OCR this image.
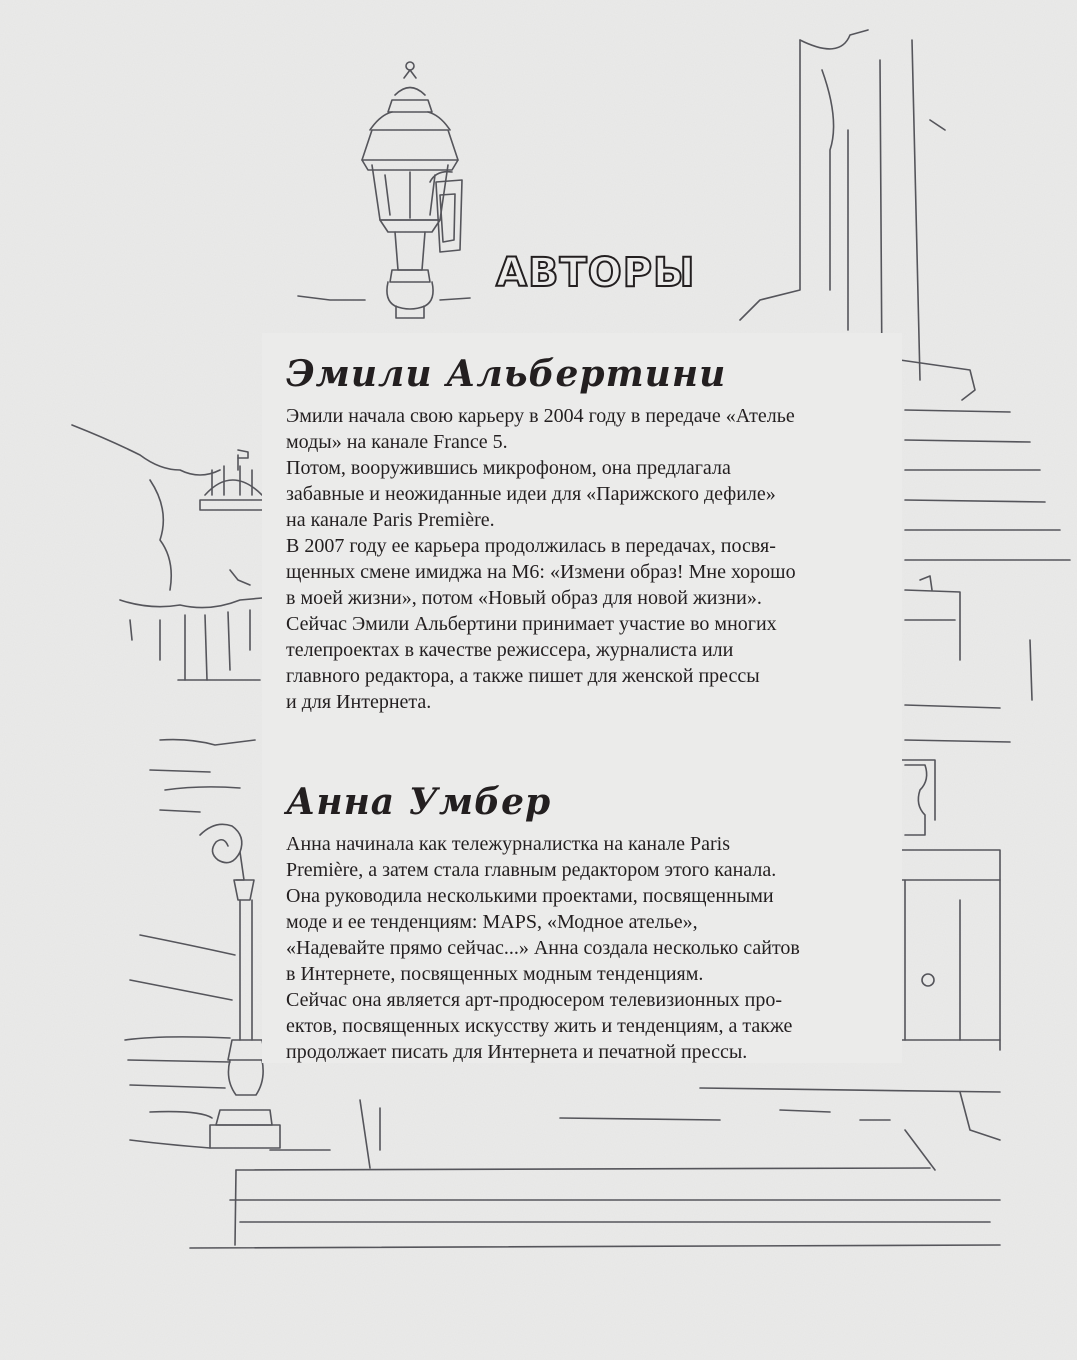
АВТОРЫ
Эмили Альбертини
Эмили начала свою карьеру в 2004 году в передаче «Ателье
моды» на канале France 5.
Потом, вооружившись микрофоном, она предлагала
забавные и неожиданные идеи для «Парижского дефиле»
на канале Paris Première.
В 2007 году ее карьера продолжилась в передачах, посвя-
щенных смене имиджа на М6: «Измени образ! Мне хорошо
в моей жизни», потом «Новый образ для новой жизни».
Сейчас Эмили Альбертини принимает участие во многих
телепроектах в качестве режиссера, журналиста или
главного редактора, а также пишет для женской прессы
и для Интернета.
Анна Умбер
Анна начинала как тележурналистка на канале Paris
Première, а затем стала главным редактором этого канала.
Она руководила несколькими проектами, посвященными
моде и ее тенденциям: MAPS, «Модное ателье»,
«Надевайте прямо сейчас...» Анна создала несколько сайтов
в Интернете, посвященных модным тенденциям.
Сейчас она является арт-продюсером телевизионных про-
ектов, посвященных искусству жить и тенденциям, а также
продолжает писать для Интернета и печатной прессы.
